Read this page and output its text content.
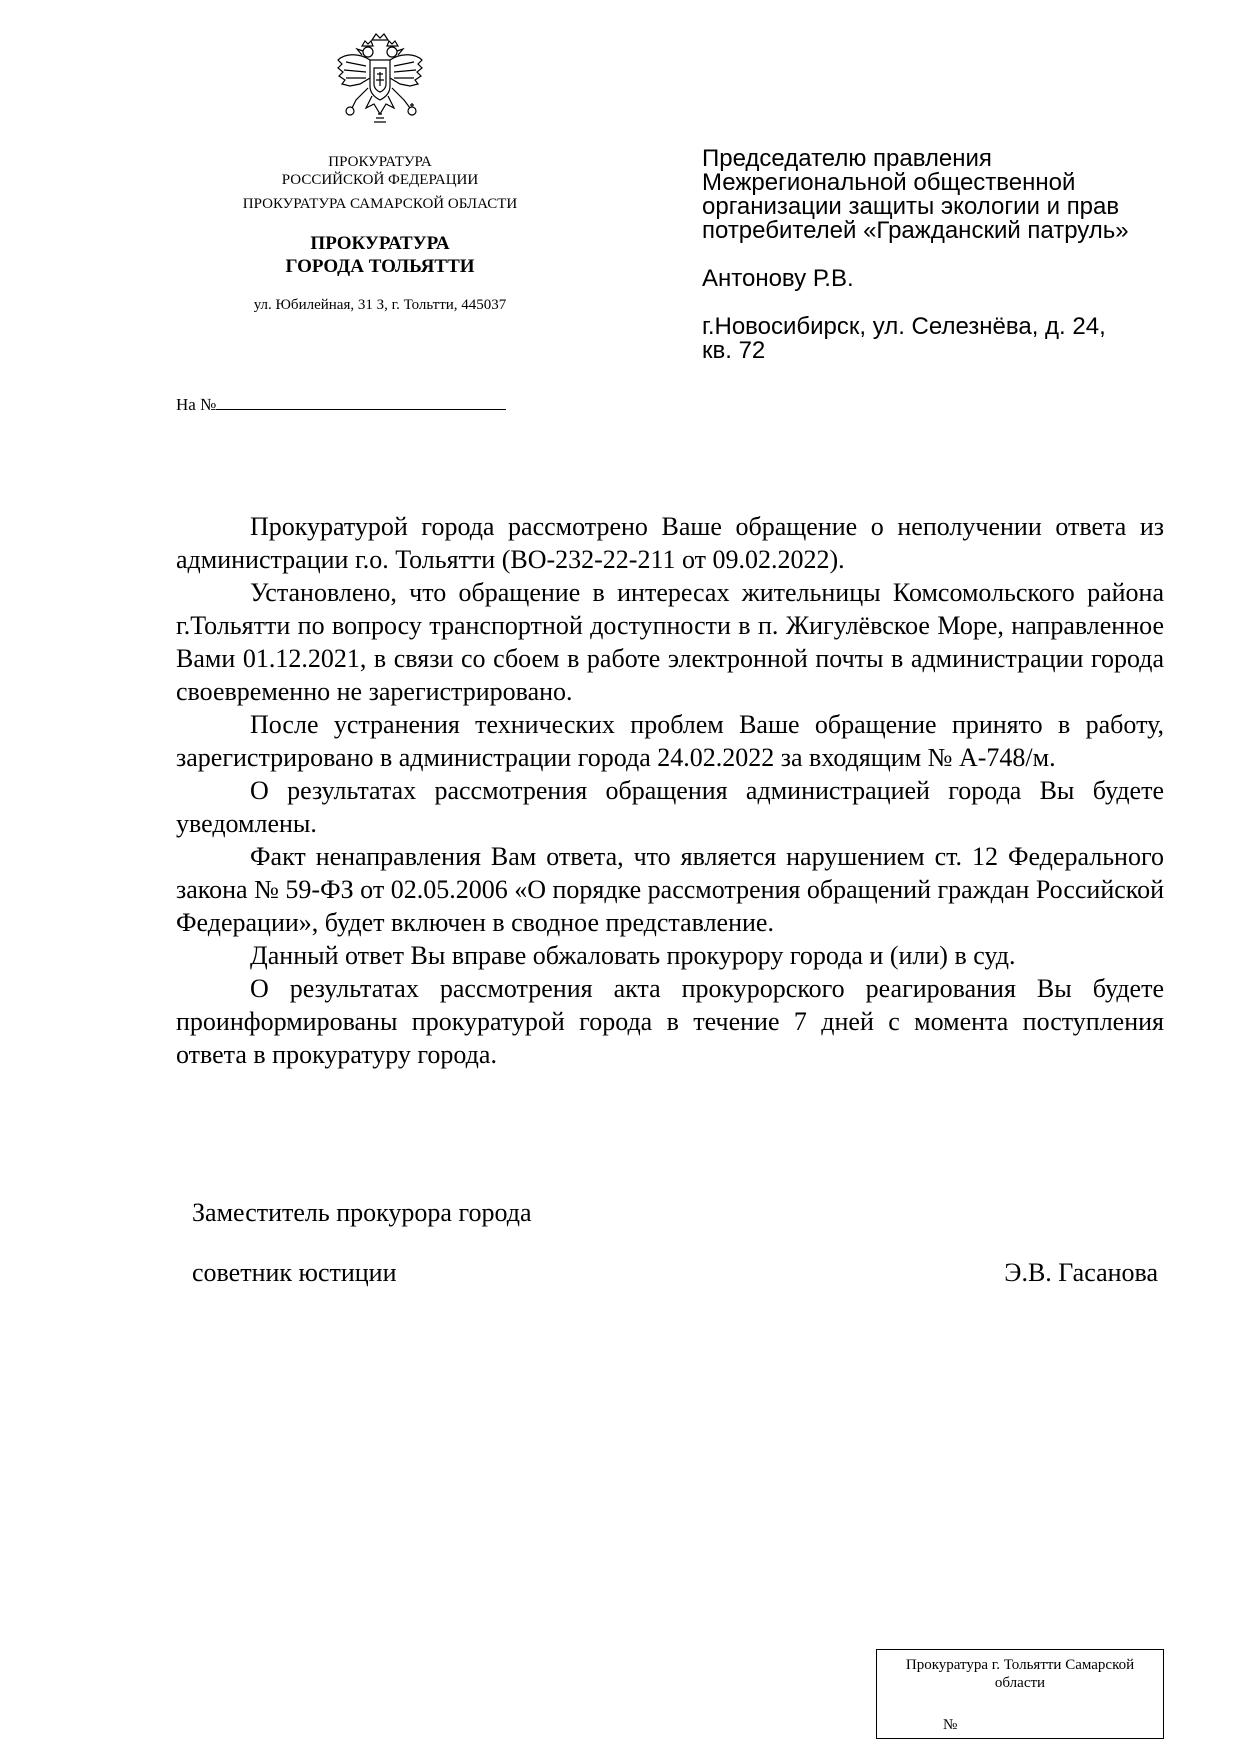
ПРОКУРАТУРА
РОССИЙСКОЙ ФЕДЕРАЦИИ
ПРОКУРАТУРА САМАРСКОЙ ОБЛАСТИ
ПРОКУРАТУРА
ГОРОДА ТОЛЬЯТТИ
ул. Юбилейная, 31 З, г. Тольтти, 445037
На №
Председателю правления
Межрегиональной общественной
организации защиты экологии и прав
потребителей «Гражданский патруль»
Антонову Р.В.
г.Новосибирск, ул. Селезнёва, д. 24,
кв. 72

Прокуратурой города рассмотрено Ваше обращение о неполучении ответа из администрации г.о. Тольятти (ВО-232-22-211 от 09.02.2022).

Установлено, что обращение в интересах жительницы Комсомольского района г.Тольятти по вопросу транспортной доступности в п. Жигулёвское Море, направленное Вами 01.12.2021, в связи со сбоем в работе электронной почты в администрации города своевременно не зарегистрировано.

После устранения технических проблем Ваше обращение принято в работу, зарегистрировано в администрации города 24.02.2022 за входящим № А-748/м.

О результатах рассмотрения обращения администрацией города Вы будете уведомлены.

Факт ненаправления Вам ответа, что является нарушением ст. 12 Федерального закона № 59-ФЗ от 02.05.2006 «О порядке рассмотрения обращений граждан Российской Федерации», будет включен в сводное представление.

Данный ответ Вы вправе обжаловать прокурору города и (или) в суд.

О результатах рассмотрения акта прокурорского реагирования Вы будете проинформированы прокуратурой города в течение 7 дней с момента поступления ответа в прокуратуру города.

Заместитель прокурора города
советник юстиции	Э.В. Гасанова
Прокуратура г. Тольятти Самарской
области
№
